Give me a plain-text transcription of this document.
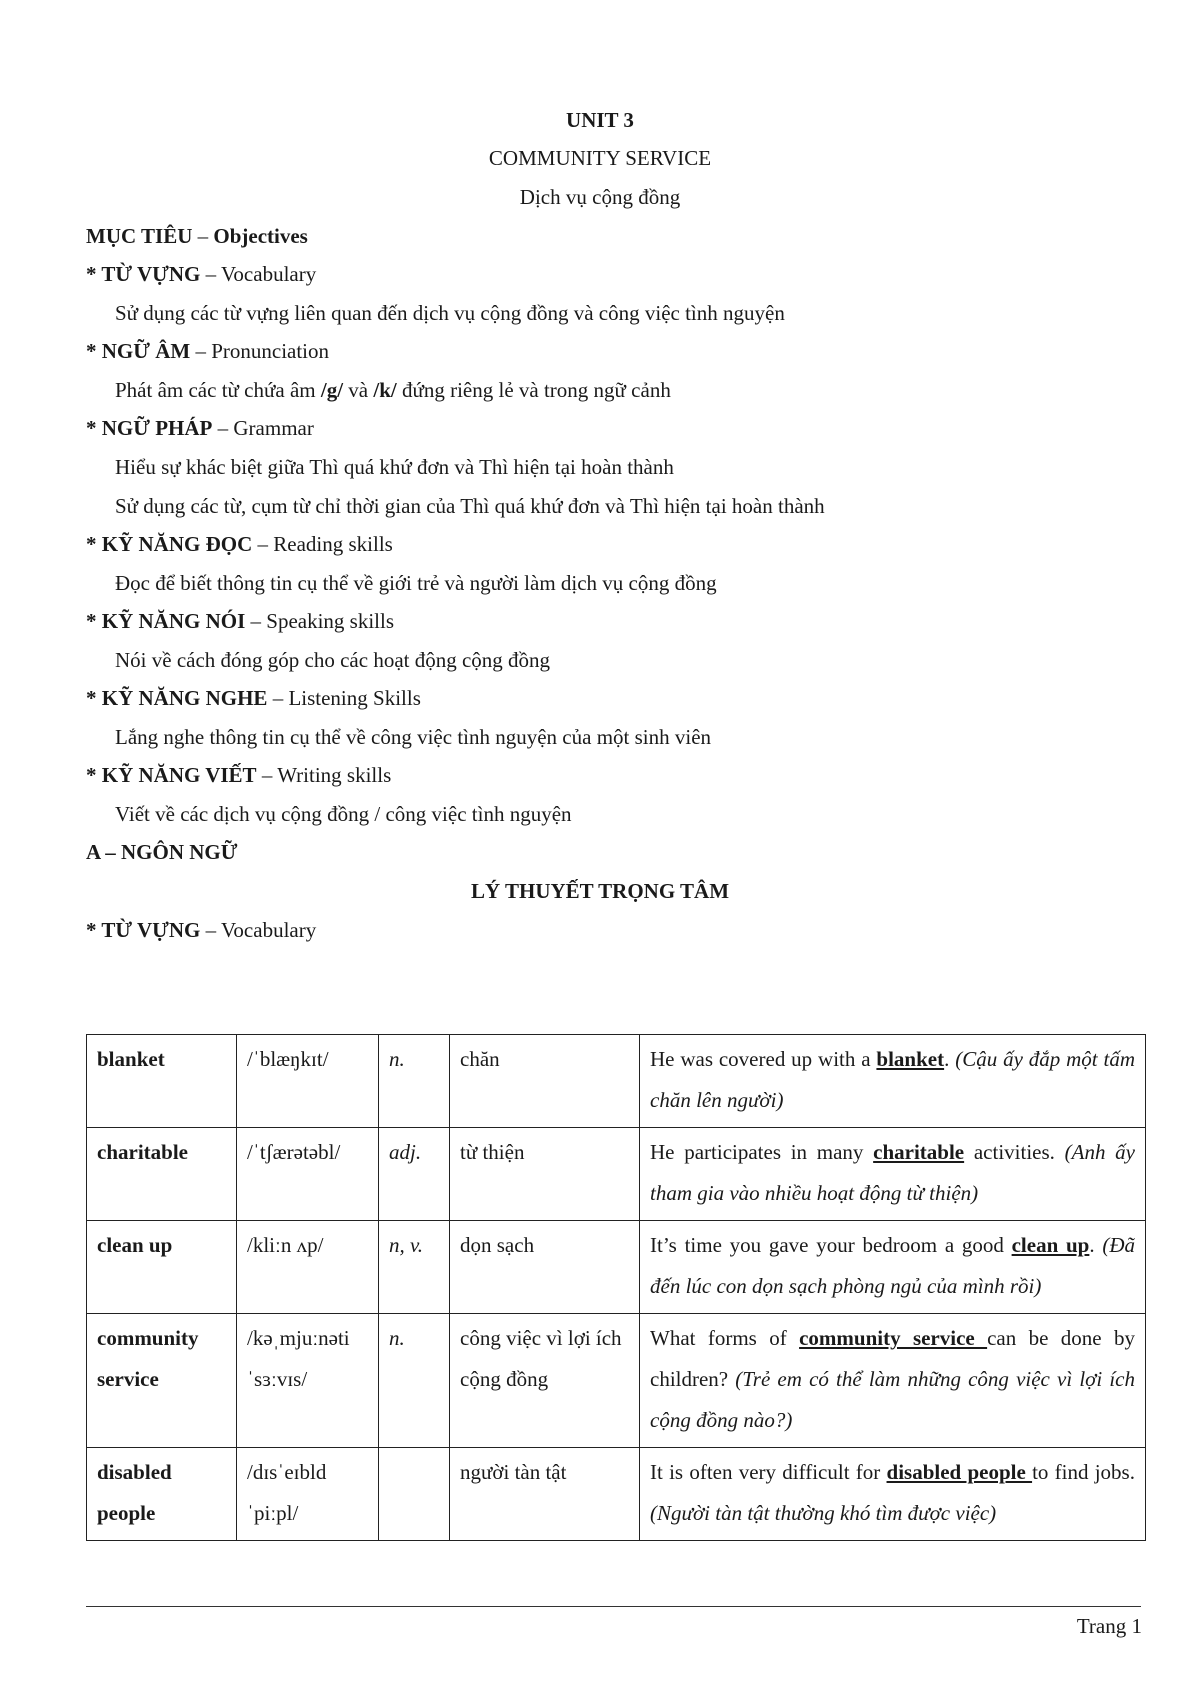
UNIT 3
COMMUNITY SERVICE
Dịch vụ cộng đồng
MỤC TIÊU – Objectives
* TỪ VỰNG – Vocabulary
Sử dụng các từ vựng liên quan đến dịch vụ cộng đồng và công việc tình nguyện
* NGỮ ÂM – Pronunciation
Phát âm các từ chứa âm /g/ và /k/ đứng riêng lẻ và trong ngữ cảnh
* NGỮ PHÁP – Grammar
Hiểu sự khác biệt giữa Thì quá khứ đơn và Thì hiện tại hoàn thành
Sử dụng các từ, cụm từ chỉ thời gian của Thì quá khứ đơn và Thì hiện tại hoàn thành
* KỸ NĂNG ĐỌC – Reading skills
Đọc để biết thông tin cụ thể về giới trẻ và người làm dịch vụ cộng đồng
* KỸ NĂNG NÓI – Speaking skills
Nói về cách đóng góp cho các hoạt động cộng đồng
* KỸ NĂNG NGHE – Listening Skills
Lắng nghe thông tin cụ thể về công việc tình nguyện của một sinh viên
* KỸ NĂNG VIẾT – Writing skills
Viết về các dịch vụ cộng đồng / công việc tình nguyện
A – NGÔN NGỮ
LÝ THUYẾT TRỌNG TÂM
* TỪ VỰNG – Vocabulary
blanket	/ˈblæŋkɪt/	n.	chăn	He was covered up with a blanket. (Cậu ấy đắp một tấm chăn lên người)
charitable	/ˈtʃærətəbl/	adj.	từ thiện	He participates in many charitable activities. (Anh ấy tham gia vào nhiều hoạt động từ thiện)
clean up	/kliːn ʌp/	n, v.	dọn sạch	It’s time you gave your bedroom a good clean up. (Đã đến lúc con dọn sạch phòng ngủ của mình rồi)
community service	/kəˌmjuːnəti ˈsɜːvɪs/	n.	công việc vì lợi ích cộng đồng	What forms of community service can be done by children? (Trẻ em có thể làm những công việc vì lợi ích cộng đồng nào?)
disabled people	/dɪsˈeɪbld ˈpiːpl/		người tàn tật	It is often very difficult for disabled people to find jobs. (Người tàn tật thường khó tìm được việc)
Trang 1
